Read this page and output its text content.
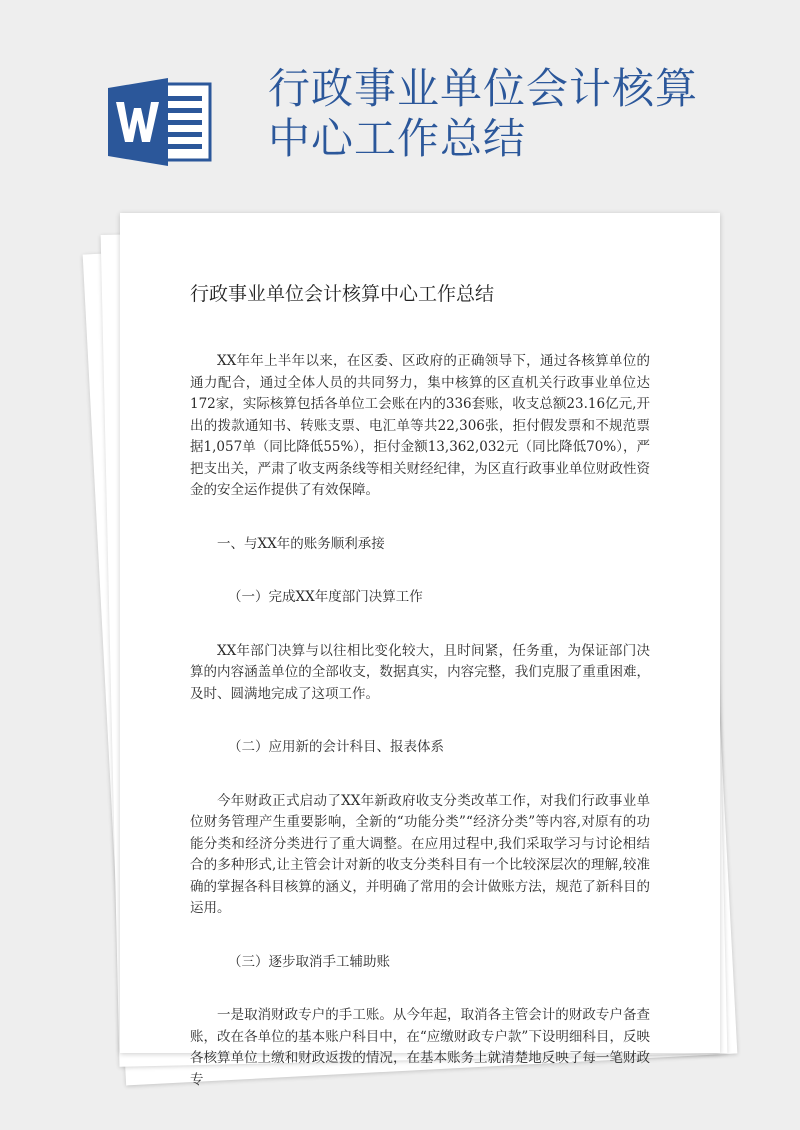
行政事业单位会计核算中心工作总结
行政事业单位会计核算中心工作总结

XX年年上半年以来，在区委、区政府的正确领导下，通过各核算单位的通力配合，通过全体人员的共同努力，集中核算的区直机关行政事业单位达172家，实际核算包括各单位工会账在内的336套账，收支总额23.16亿元,开出的拨款通知书、转账支票、电汇单等共22,306张，拒付假发票和不规范票据1,057单（同比降低55%），拒付金额13,362,032元（同比降低70%），严把支出关，严肃了收支两条线等相关财经纪律，为区直行政事业单位财政性资金的安全运作提供了有效保障。

一、与XX年的账务顺利承接

（一）完成XX年度部门决算工作

XX年部门决算与以往相比变化较大，且时间紧，任务重，为保证部门决算的内容涵盖单位的全部收支，数据真实，内容完整，我们克服了重重困难，及时、圆满地完成了这项工作。

（二）应用新的会计科目、报表体系

今年财政正式启动了XX年新政府收支分类改革工作，对我们行政事业单位财务管理产生重要影响，全新的“功能分类”“经济分类”等内容,对原有的功能分类和经济分类进行了重大调整。在应用过程中,我们采取学习与讨论相结合的多种形式,让主管会计对新的收支分类科目有一个比较深层次的理解,较准确的掌握各科目核算的涵义，并明确了常用的会计做账方法，规范了新科目的运用。

（三）逐步取消手工辅助账

一是取消财政专户的手工账。从今年起，取消各主管会计的财政专户备查账，改在各单位的基本账户科目中，在“应缴财政专户款”下设明细科目，反映各核算单位上缴和财政返拨的情况，在基本账务上就清楚地反映了每一笔财政专
